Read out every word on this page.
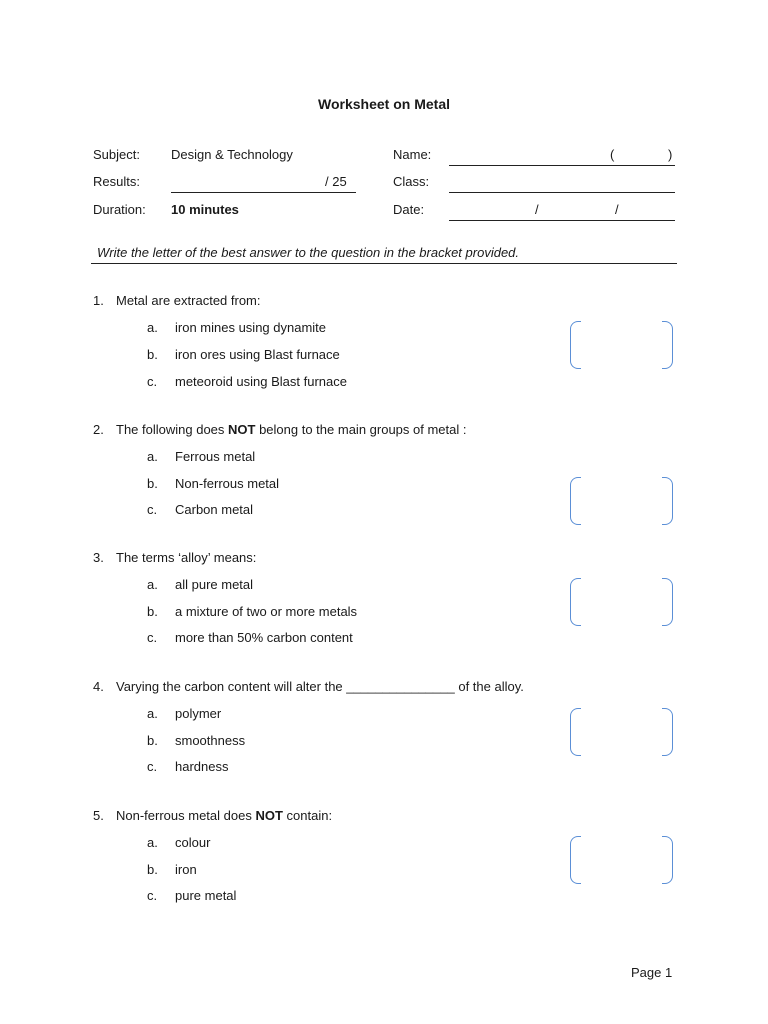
Worksheet on Metal
Subject: Design & Technology
Results:	/ 25
Duration: 10 minutes
Name:	(	)
Class:
Date:	/	/
Write the letter of the best answer to the question in the bracket provided.
1. Metal are extracted from:
a. iron mines using dynamite
b. iron ores using Blast furnace
c. meteoroid using Blast furnace
2. The following does NOT belong to the main groups of metal :
a. Ferrous metal
b. Non-ferrous metal
c. Carbon metal
3. The terms ‘alloy’ means:
a. all pure metal
b. a mixture of two or more metals
c. more than 50% carbon content
4. Varying the carbon content will alter the _______________ of the alloy.
a. polymer
b. smoothness
c. hardness
5. Non-ferrous metal does NOT contain:
a. colour
b. iron
c. pure metal
Page 1
